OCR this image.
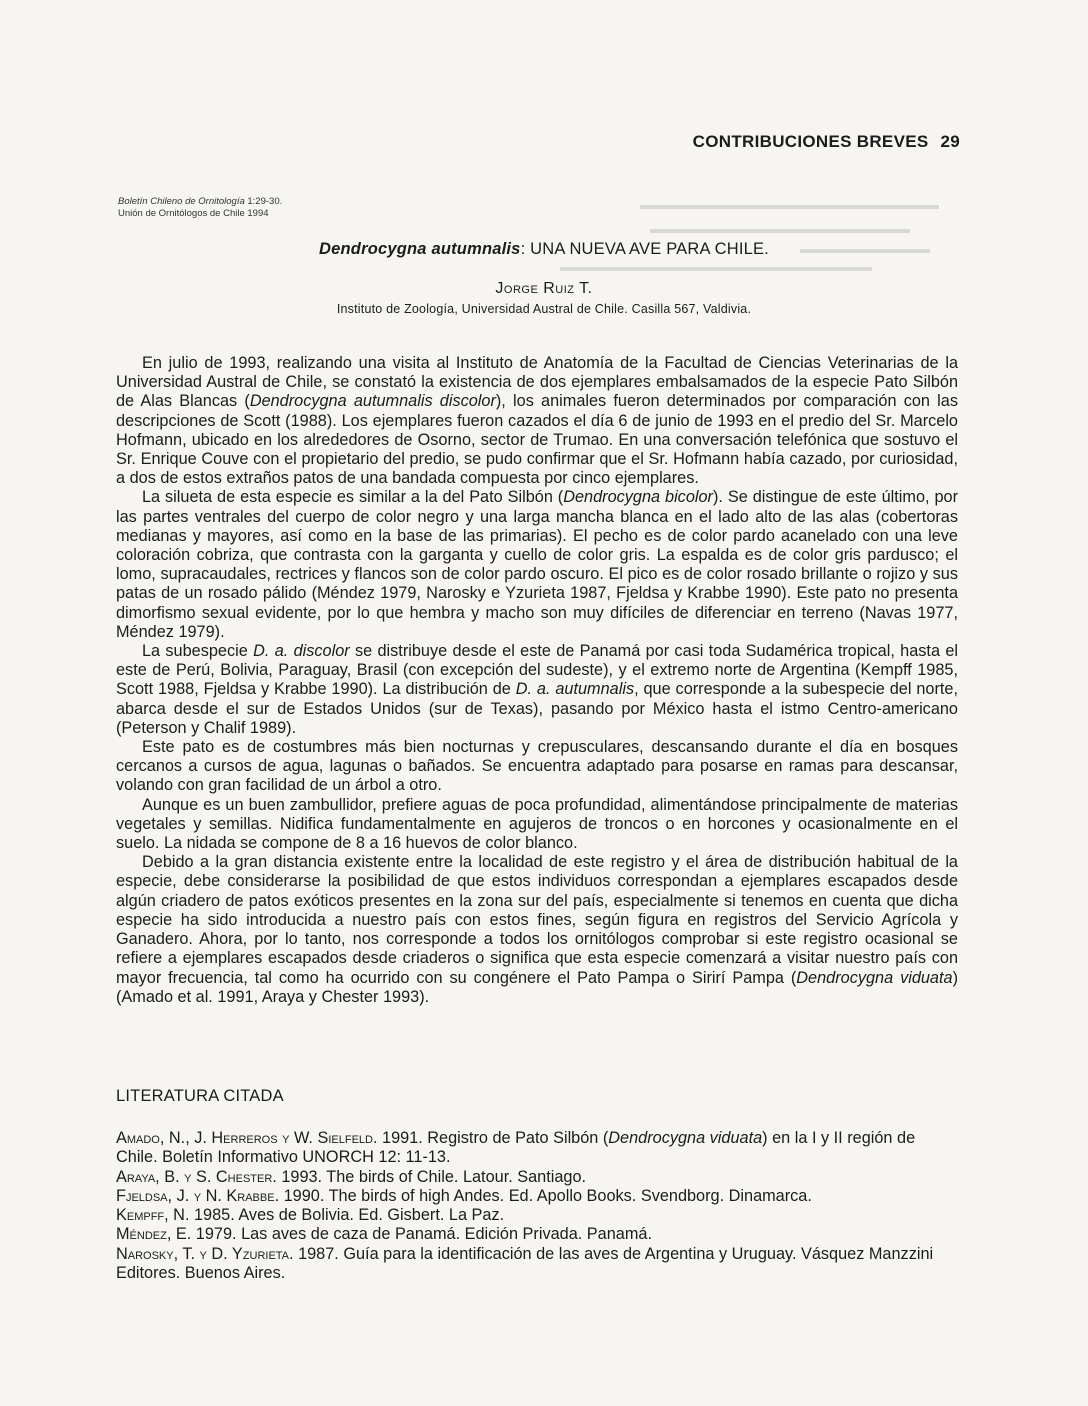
▬▬▬▬▬▬▬▬▬▬▬▬▬▬▬▬▬▬▬▬▬▬▬
▬▬▬▬▬▬▬▬▬▬▬▬▬▬▬▬▬▬▬▬
▬▬▬▬▬▬▬▬▬▬
▬▬▬▬▬▬▬▬▬▬▬▬▬▬▬▬▬▬▬▬▬▬▬▬
CONTRIBUCIONES BREVES 29
Boletín Chileno de Ornitología 1:29-30.
Unión de Ornitólogos de Chile 1994
Dendrocygna autumnalis: UNA NUEVA AVE PARA CHILE.
Jorge Ruiz T.
Instituto de Zoología, Universidad Austral de Chile. Casilla 567, Valdivia.

En julio de 1993, realizando una visita al Instituto de Anatomía de la Facultad de Ciencias Veterinarias de la Universidad Austral de Chile, se constató la existencia de dos ejemplares embalsamados de la especie Pato Silbón de Alas Blancas (Dendrocygna autumnalis discolor), los animales fueron determinados por comparación con las descripciones de Scott (1988). Los ejemplares fueron cazados el día 6 de junio de 1993 en el predio del Sr. Marcelo Hofmann, ubicado en los alrededores de Osorno, sector de Trumao. En una conversación telefónica que sostuvo el Sr. Enrique Couve con el propietario del predio, se pudo confirmar que el Sr. Hofmann había cazado, por curiosidad, a dos de estos extraños patos de una bandada compuesta por cinco ejemplares.

La silueta de esta especie es similar a la del Pato Silbón (Dendrocygna bicolor). Se distingue de este último, por las partes ventrales del cuerpo de color negro y una larga mancha blanca en el lado alto de las alas (cobertoras medianas y mayores, así como en la base de las primarias). El pecho es de color pardo acanelado con una leve coloración cobriza, que contrasta con la garganta y cuello de color gris. La espalda es de color gris pardusco; el lomo, supracaudales, rectrices y flancos son de color pardo oscuro. El pico es de color rosado brillante o rojizo y sus patas de un rosado pálido (Méndez 1979, Narosky e Yzurieta 1987, Fjeldsa y Krabbe 1990). Este pato no presenta dimorfismo sexual evidente, por lo que hembra y macho son muy difíciles de diferenciar en terreno (Navas 1977, Méndez 1979).

La subespecie D. a. discolor se distribuye desde el este de Panamá por casi toda Sudamérica tropical, hasta el este de Perú, Bolivia, Paraguay, Brasil (con excepción del sudeste), y el extremo norte de Argentina (Kempff 1985, Scott 1988, Fjeldsa y Krabbe 1990). La distribución de D. a. autumnalis, que corresponde a la subespecie del norte, abarca desde el sur de Estados Unidos (sur de Texas), pasando por México hasta el istmo Centro-americano (Peterson y Chalif 1989).

Este pato es de costumbres más bien nocturnas y crepusculares, descansando durante el día en bosques cercanos a cursos de agua, lagunas o bañados. Se encuentra adaptado para posarse en ramas para descansar, volando con gran facilidad de un árbol a otro.

Aunque es un buen zambullidor, prefiere aguas de poca profundidad, alimentándose principalmente de materias vegetales y semillas. Nidifica fundamentalmente en agujeros de troncos o en horcones y ocasionalmente en el suelo. La nidada se compone de 8 a 16 huevos de color blanco.

Debido a la gran distancia existente entre la localidad de este registro y el área de distribución habitual de la especie, debe considerarse la posibilidad de que estos individuos correspondan a ejemplares escapados desde algún criadero de patos exóticos presentes en la zona sur del país, especialmente si tenemos en cuenta que dicha especie ha sido introducida a nuestro país con estos fines, según figura en registros del Servicio Agrícola y Ganadero. Ahora, por lo tanto, nos corresponde a todos los ornitólogos comprobar si este registro ocasional se refiere a ejemplares escapados desde criaderos o significa que esta especie comenzará a visitar nuestro país con mayor frecuencia, tal como ha ocurrido con su congénere el Pato Pampa o Sirirí Pampa (Dendrocygna viduata) (Amado et al. 1991, Araya y Chester 1993).

LITERATURA CITADA

Amado, N., J. Herreros y W. Sielfeld. 1991. Registro de Pato Silbón (Dendrocygna viduata) en la I y II región de Chile. Boletín Informativo UNORCH 12: 11-13.

Araya, B. y S. Chester. 1993. The birds of Chile. Latour. Santiago.

Fjeldsa, J. y N. Krabbe. 1990. The birds of high Andes. Ed. Apollo Books. Svendborg. Dinamarca.

Kempff, N. 1985. Aves de Bolivia. Ed. Gisbert. La Paz.

Méndez, E. 1979. Las aves de caza de Panamá. Edición Privada. Panamá.

Narosky, T. y D. Yzurieta. 1987. Guía para la identificación de las aves de Argentina y Uruguay. Vásquez Manzzini Editores. Buenos Aires.
